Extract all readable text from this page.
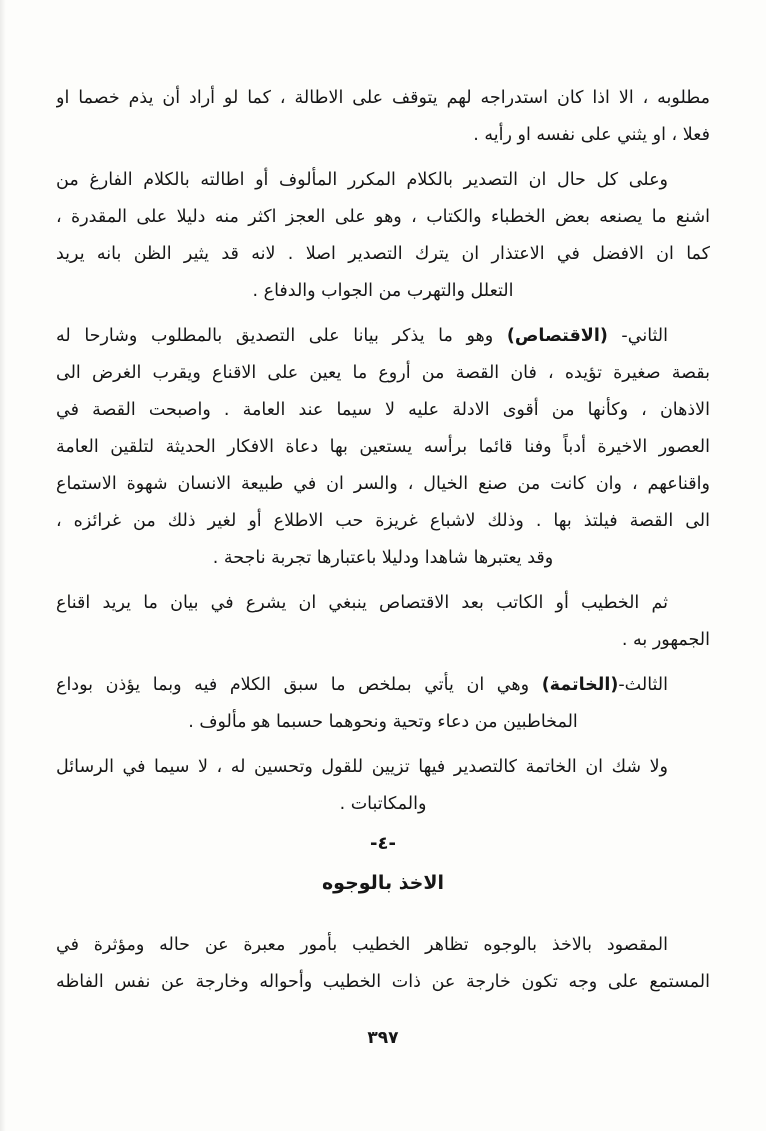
مطلوبه ، الا اذا كان استدراجه لهم يتوقف على الاطالة ، كما لو أراد أن يذم خصما او
فعلا ، او يثني على نفسه او رأيه .
وعلى كل حال ان التصدير بالكلام المكرر المألوف أو اطالته بالكلام الفارغ من
اشنع ما يصنعه بعض الخطباء والكتاب ، وهو على العجز اكثر منه دليلا على المقدرة ،
كما ان الافضل في الاعتذار ان يترك التصدير اصلا . لانه قد يثير الظن بانه يريد
التعلل والتهرب من الجواب والدفاع .
الثاني- (الاقتصاص) وهو ما يذكر بيانا على التصديق بالمطلوب وشارحا له
بقصة صغيرة تؤيده ، فان القصة من أروع ما يعين على الاقناع ويقرب الغرض الى
الاذهان ، وكأنها من أقوى الادلة عليه لا سيما عند العامة . واصبحت القصة في
العصور الاخيرة أدباً وفنا قائما برأسه يستعين بها دعاة الافكار الحديثة لتلقين العامة
واقناعهم ، وان كانت من صنع الخيال ، والسر ان في طبيعة الانسان شهوة الاستماع
الى القصة فيلتذ بها . وذلك لاشباع غريزة حب الاطلاع أو لغير ذلك من غرائزه ،
وقد يعتبرها شاهدا ودليلا باعتبارها تجربة ناجحة .
ثم الخطيب أو الكاتب بعد الاقتصاص ينبغي ان يشرع في بيان ما يريد اقناع
الجمهور به .
الثالث-(الخاتمة) وهي ان يأتي بملخص ما سبق الكلام فيه وبما يؤذن بوداع
المخاطبين من دعاء وتحية ونحوهما حسبما هو مألوف .
ولا شك ان الخاتمة كالتصدير فيها تزيين للقول وتحسين له ، لا سيما في الرسائل
والمكاتبات .
-٤-
الاخذ بالوجوه
المقصود بالاخذ بالوجوه تظاهر الخطيب بأمور معبرة عن حاله ومؤثرة في
المستمع على وجه تكون خارجة عن ذات الخطيب وأحواله وخارجة عن نفس الفاظه
٣٩٧
